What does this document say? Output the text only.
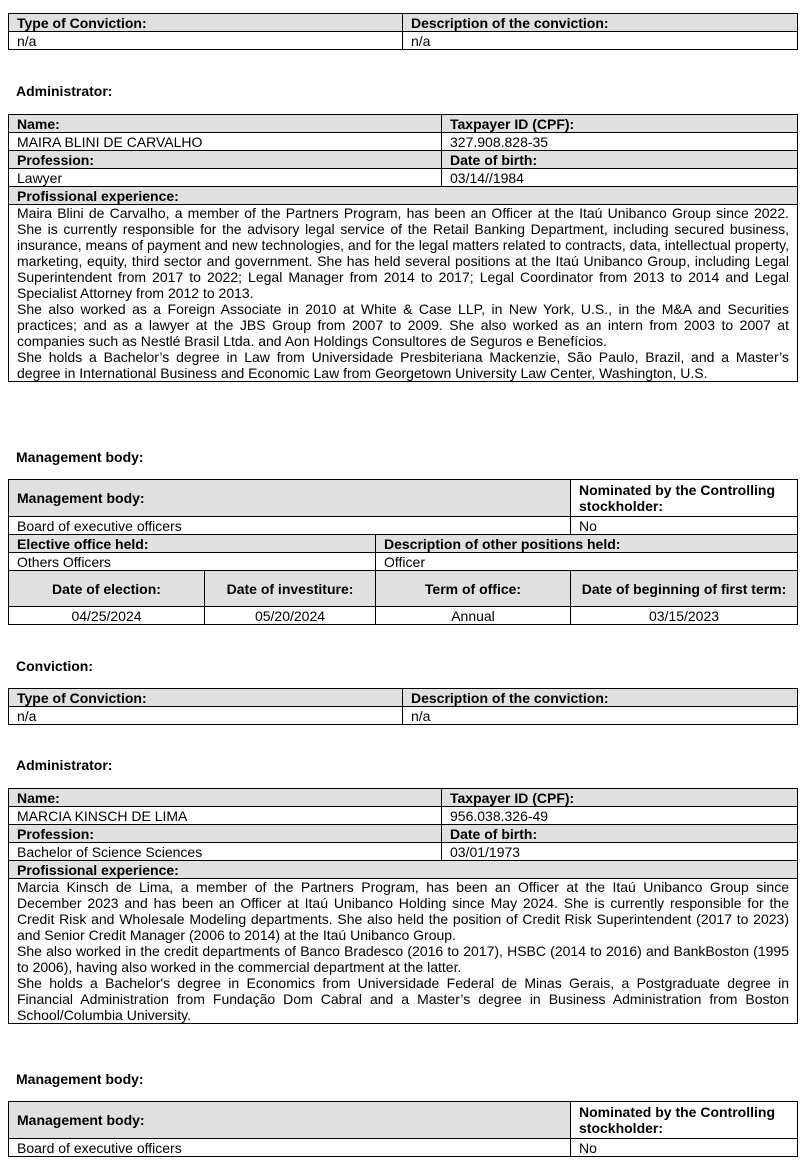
Type of Conviction:	Description of the conviction:
n/a	n/a
Administrator:
Name:	Taxpayer ID (CPF):
MAIRA BLINI DE CARVALHO	327.908.828-35
Profession:	Date of birth:
Lawyer	03/14//1984
Profissional experience:	

Maira Blini de Carvalho, a member of the Partners Program, has been an Officer at the Itaú Unibanco Group since 2022. She is currently responsible for the advisory legal service of the Retail Banking Department, including secured business, insurance, means of payment and new technologies, and for the legal matters related to contracts, data, intellectual property, marketing, equity, third sector and government. She has held several positions at the Itaú Unibanco Group, including Legal Superintendent from 2017 to 2022; Legal Manager from 2014 to 2017; Legal Coordinator from 2013 to 2014 and Legal Specialist Attorney from 2012 to 2013.

She also worked as a Foreign Associate in 2010 at White & Case LLP, in New York, U.S., in the M&A and Securities practices; and as a lawyer at the JBS Group from 2007 to 2009. She also worked as an intern from 2003 to 2007 at companies such as Nestlé Brasil Ltda. and Aon Holdings Consultores de Seguros e Benefícios.

She holds a Bachelor’s degree in Law from Universidade Presbiteriana Mackenzie, São Paulo, Brazil, and a Master’s degree in International Business and Economic Law from Georgetown University Law Center, Washington, U.S.	

Management body:
Management body:			Nominated by the Controlling stockholder:
Board of executive officers			No
Elective office held:		Description of other positions held:	
Others Officers		Officer	
Date of election:	Date of investiture:	Term of office:	Date of beginning of first term:
04/25/2024	05/20/2024	Annual	03/15/2023
Conviction:
Type of Conviction:	Description of the conviction:
n/a	n/a
Administrator:
Name:	Taxpayer ID (CPF):
MARCIA KINSCH DE LIMA	956.038.326-49
Profession:	Date of birth:
Bachelor of Science Sciences	03/01/1973
Profissional experience:	

Marcia Kinsch de Lima, a member of the Partners Program, has been an Officer at the Itaú Unibanco Group since December 2023 and has been an Officer at Itaú Unibanco Holding since May 2024. She is currently responsible for the Credit Risk and Wholesale Modeling departments. She also held the position of Credit Risk Superintendent (2017 to 2023) and Senior Credit Manager (2006 to 2014) at the Itaú Unibanco Group.

She also worked in the credit departments of Banco Bradesco (2016 to 2017), HSBC (2014 to 2016) and BankBoston (1995 to 2006), having also worked in the commercial department at the latter.

She holds a Bachelor's degree in Economics from Universidade Federal de Minas Gerais, a Postgraduate degree in Financial Administration from Fundação Dom Cabral and a Master’s degree in Business Administration from Boston School/Columbia University.	

Management body:
Management body:	Nominated by the Controlling stockholder:
Board of executive officers	No
